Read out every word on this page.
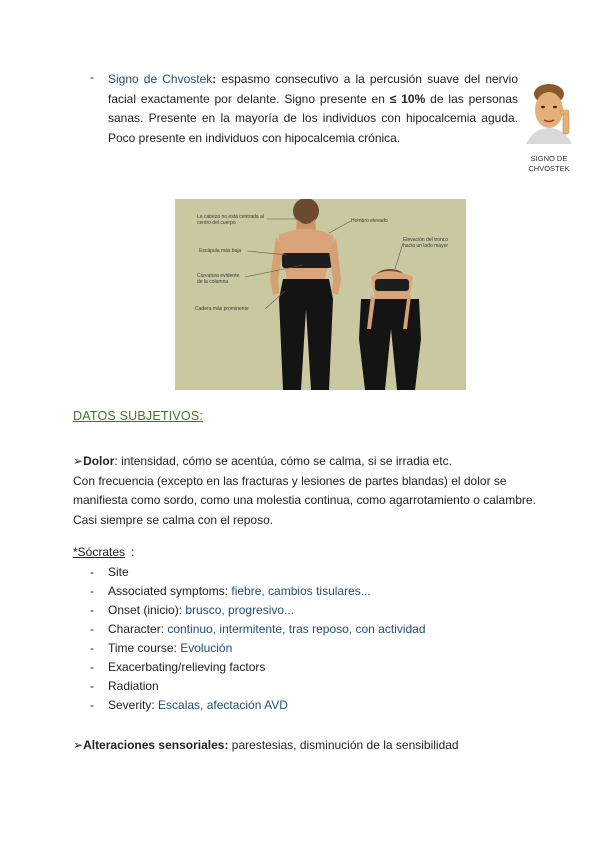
- Signo de Chvostek: espasmo consecutivo a la percusión suave del nervio facial exactamente por delante. Signo presente en ≤ 10% de las personas sanas. Presente en la mayoría de los individuos con hipocalcemia aguda. Poco presente en individuos con hipocalcemia crónica.
SIGNO DE CHVOSTEK
La cabeza no está centrada al centro del cuerpo
Escápula más baja
Curvatura evidente de la columna
Cadera más prominente
Hombro elevado
Elevación del tronco hacia un lado mayor
DATOS SUBJETIVOS:
➢Dolor: intensidad, cómo se acentúa, cómo se calma, si se irradia etc.
Con frecuencia (excepto en las fracturas y lesiones de partes blandas) el dolor se manifiesta como sordo, como una molestia continua, como agarrotamiento o calambre.
Casi siempre se calma con el reposo.
*Sócrates :
- Site
- Associated symptoms: fiebre, cambios tisulares...
- Onset (inicio): brusco, progresivo...
- Character: continuo, intermitente, tras reposo, con actividad
- Time course: Evolución
- Exacerbating/relieving factors
- Radiation
- Severity: Escalas, afectación AVD
➢Alteraciones sensoriales: parestesias, disminución de la sensibilidad
